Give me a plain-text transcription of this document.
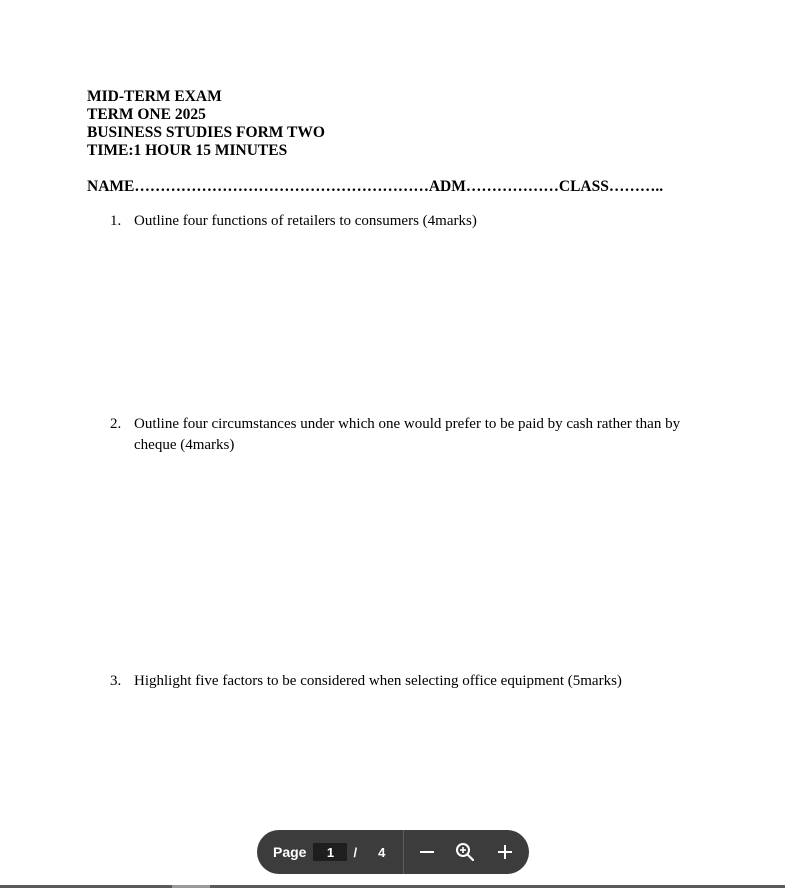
MID-TERM EXAM
TERM ONE 2025
BUSINESS STUDIES FORM TWO
TIME:1 HOUR 15 MINUTES
NAME…………………………………………………ADM………………CLASS………..
1. Outline four functions of retailers to consumers (4marks)
2. Outline four circumstances under which one would prefer to be paid by cash rather than by cheque (4marks)
3. Highlight five factors to be considered when selecting office equipment (5marks)
Page
1	/ 4
